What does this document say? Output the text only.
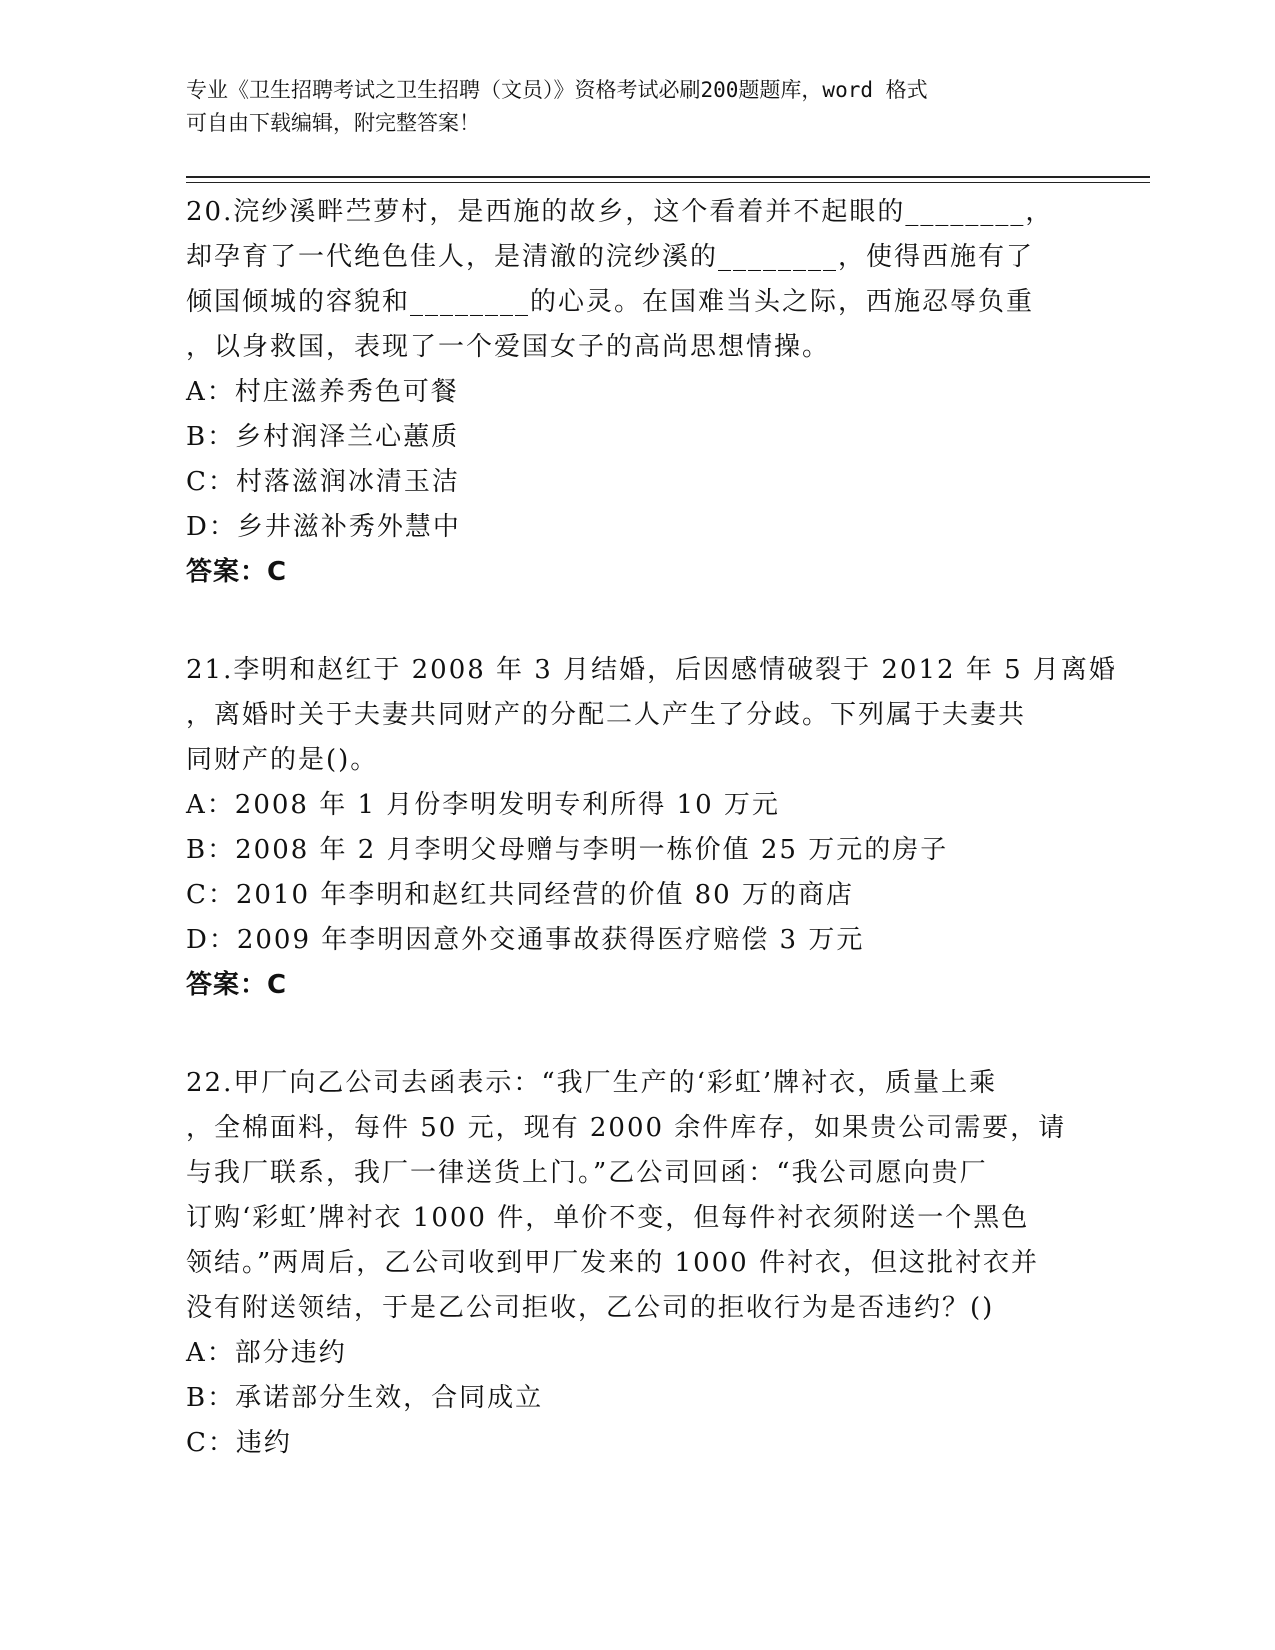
专业《卫生招聘考试之卫生招聘（文员）》资格考试必刷200题题库，word 格式
可自由下载编辑，附完整答案！
20.浣纱溪畔苎萝村，是西施的故乡，这个看着并不起眼的________，
却孕育了一代绝色佳人，是清澈的浣纱溪的________，使得西施有了
倾国倾城的容貌和________的心灵。在国难当头之际，西施忍辱负重
，以身救国，表现了一个爱国女子的高尚思想情操。
A：村庄滋养秀色可餐
B：乡村润泽兰心蕙质
C：村落滋润冰清玉洁
D：乡井滋补秀外慧中
答案：C
21.李明和赵红于 2008 年 3 月结婚，后因感情破裂于 2012 年 5 月离婚
，离婚时关于夫妻共同财产的分配二人产生了分歧。下列属于夫妻共
同财产的是()。
A：2008 年 1 月份李明发明专利所得 10 万元
B：2008 年 2 月李明父母赠与李明一栋价值 25 万元的房子
C：2010 年李明和赵红共同经营的价值 80 万的商店
D：2009 年李明因意外交通事故获得医疗赔偿 3 万元
答案：C
22.甲厂向乙公司去函表示：“我厂生产的‘彩虹’牌衬衣，质量上乘
，全棉面料，每件 50 元，现有 2000 余件库存，如果贵公司需要，请
与我厂联系，我厂一律送货上门。”乙公司回函：“我公司愿向贵厂
订购‘彩虹’牌衬衣 1000 件，单价不变，但每件衬衣须附送一个黑色
领结。”两周后，乙公司收到甲厂发来的 1000 件衬衣，但这批衬衣并
没有附送领结，于是乙公司拒收，乙公司的拒收行为是否违约？()
A：部分违约
B：承诺部分生效，合同成立
C：违约
